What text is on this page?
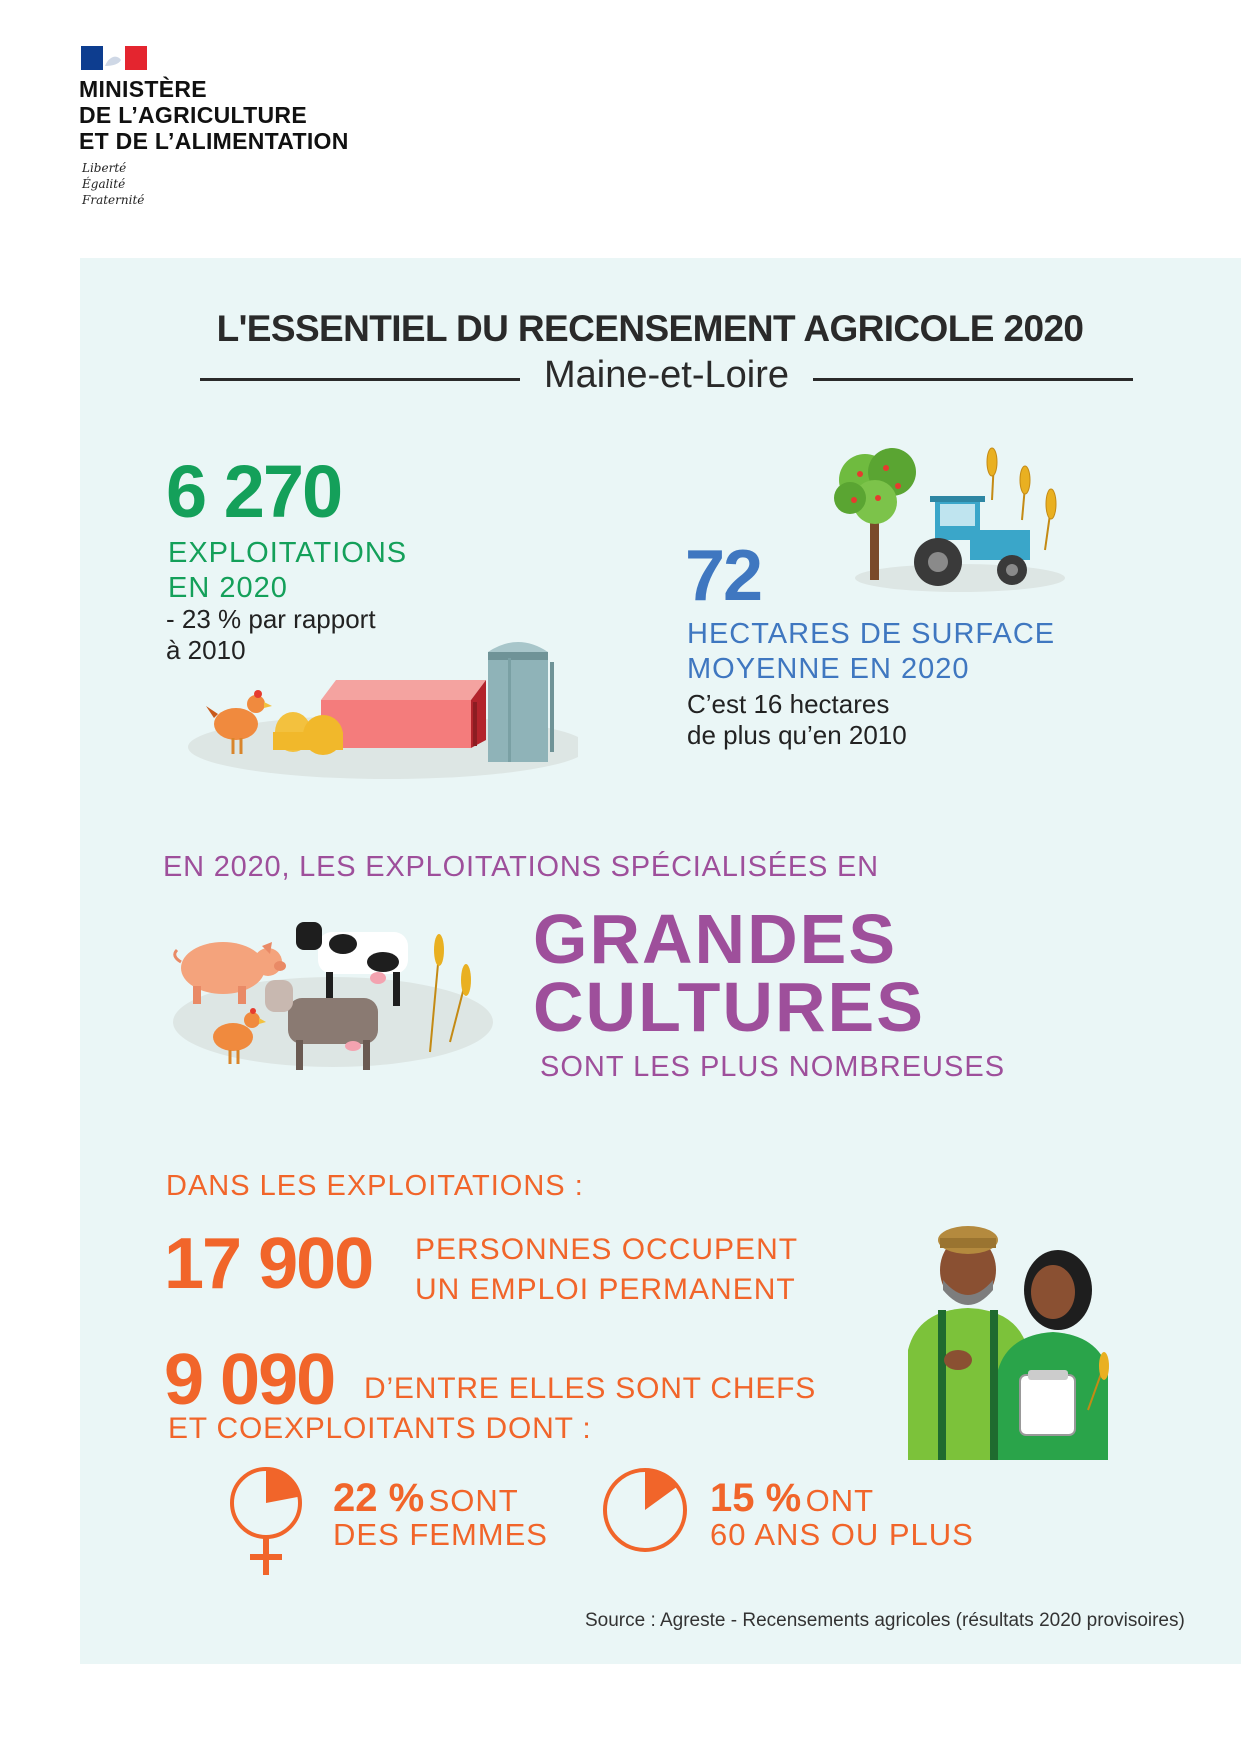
MINISTÈRE
DE L’AGRICULTURE
ET DE L’ALIMENTATION
Liberté
Égalité
Fraternité
L'ESSENTIEL DU RECENSEMENT AGRICOLE 2020
Maine-et-Loire
6 270
EXPLOITATIONS
EN 2020
- 23 % par rapport
à 2010
72
HECTARES DE SURFACE
MOYENNE EN 2020
C’est 16 hectares
de plus qu’en 2010
EN 2020, LES EXPLOITATIONS SPÉCIALISÉES EN
GRANDES
CULTURES
SONT LES PLUS NOMBREUSES
DANS LES EXPLOITATIONS :
17 900 PERSONNES OCCUPENT
UN EMPLOI PERMANENT
9 090 D’ENTRE ELLES SONT CHEFS
ET COEXPLOITANTS DONT :
22 % SONT
DES FEMMES
15 % ONT
60 ANS OU PLUS
Source : Agreste - Recensements agricoles (résultats 2020 provisoires)
